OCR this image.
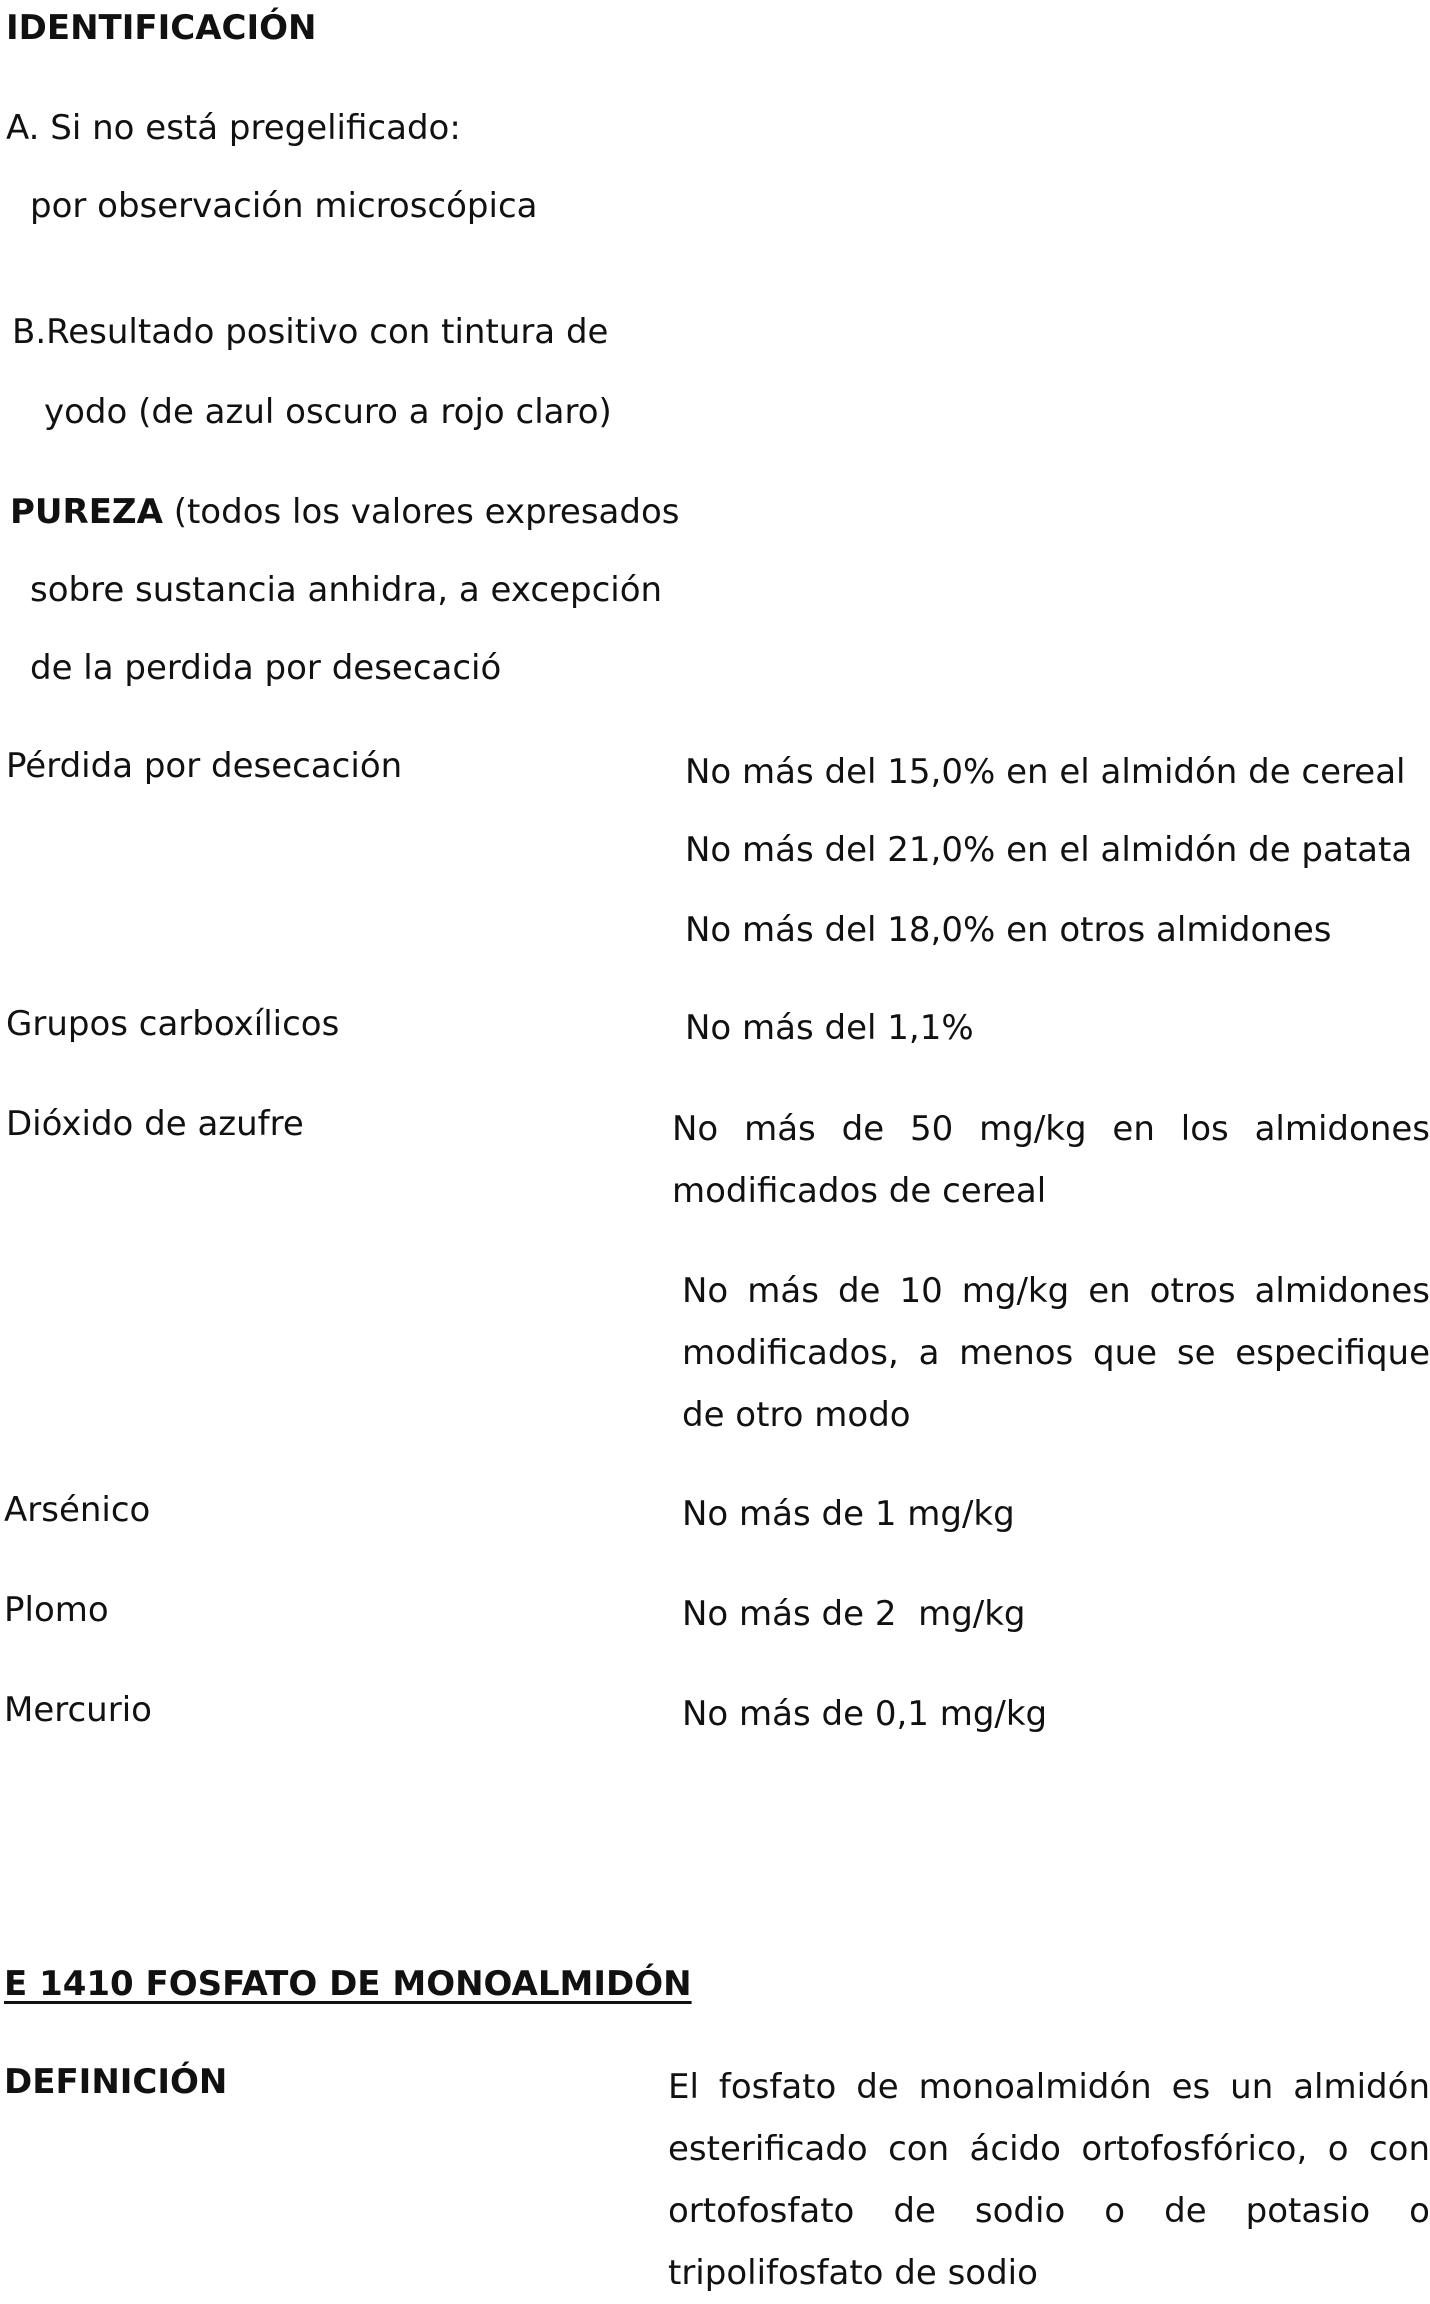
IDENTIFICACIÓN
A. Si no está pregelificado:
por observación microscópica
B.Resultado positivo con tintura de
yodo (de azul oscuro a rojo claro)
PUREZA (todos los valores expresados
sobre sustancia anhidra, a excepción
de la perdida por desecació
Pérdida por desecación	No más del 15,0% en el almidón de cereal
No más del 21,0% en el almidón de patata
No más del 18,0% en otros almidones
Grupos carboxílicos	No más del 1,1%
Dióxido de azufre	No más de 50 mg/kg en los almidones modificados de cereal
No más de 10 mg/kg en otros almidones modificados, a menos que se especifique de otro modo
Arsénico	No más de 1 mg/kg
Plomo	No más de 2  mg/kg
Mercurio	No más de 0,1 mg/kg
E 1410 FOSFATO DE MONOALMIDÓN
DEFINICIÓN	El fosfato de monoalmidón es un almidón esterificado con ácido ortofosfórico, o con ortofosfato de sodio o de potasio o tripolifosfato de sodio
